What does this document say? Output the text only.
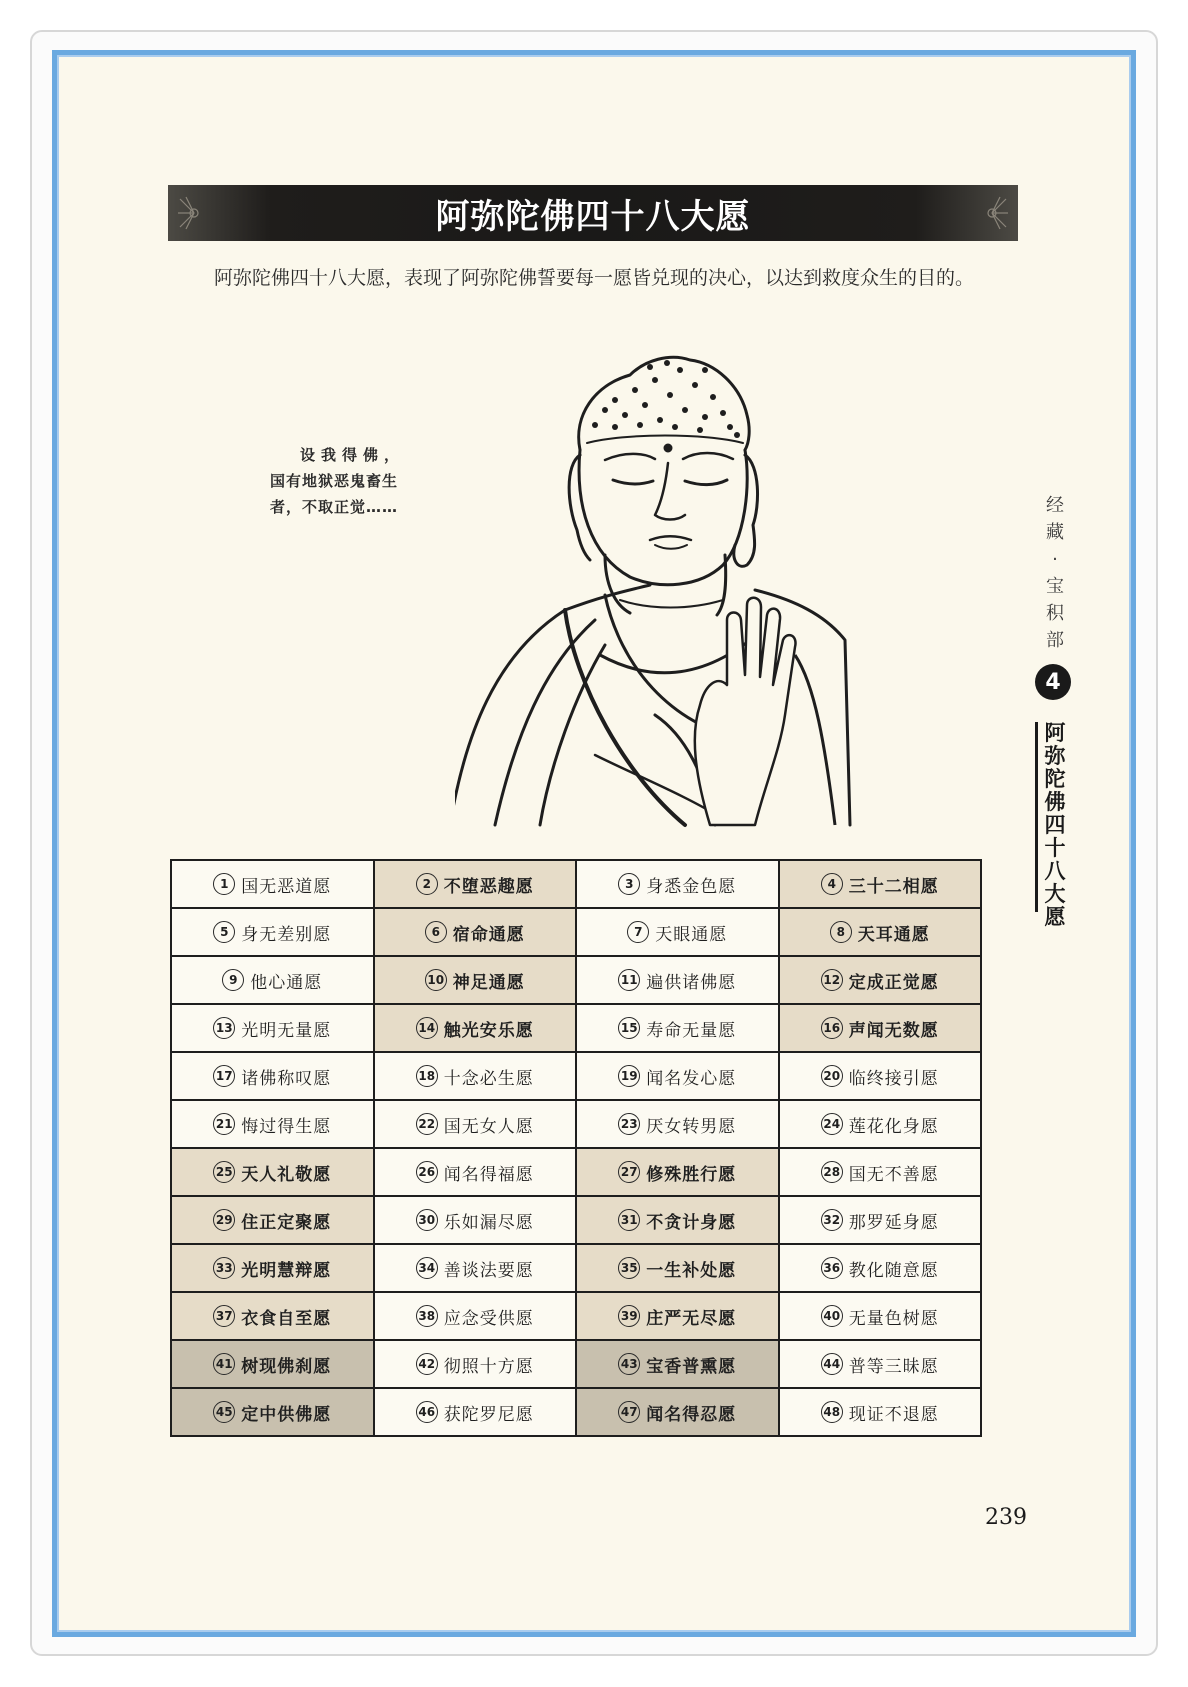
阿弥陀佛四十八大愿

阿弥陀佛四十八大愿，表现了阿弥陀佛誓要每一愿皆兑现的决心，以达到救度众生的目的。

设我得佛，
国有地狱恶鬼畜生
者，不取正觉……	经
藏
·
宝
积
部
4
阿
弥
陀
佛
四
十
八
大
愿
1 国无恶道愿	2 不堕恶趣愿	3 身悉金色愿	4 三十二相愿
5 身无差别愿	6 宿命通愿	7 天眼通愿	8 天耳通愿
9 他心通愿	10 神足通愿	11 遍供诸佛愿	12 定成正觉愿
13 光明无量愿	14 触光安乐愿	15 寿命无量愿	16 声闻无数愿
17 诸佛称叹愿	18 十念必生愿	19 闻名发心愿	20 临终接引愿
21 悔过得生愿	22 国无女人愿	23 厌女转男愿	24 莲花化身愿
25 天人礼敬愿	26 闻名得福愿	27 修殊胜行愿	28 国无不善愿
29 住正定聚愿	30 乐如漏尽愿	31 不贪计身愿	32 那罗延身愿
33 光明慧辩愿	34 善谈法要愿	35 一生补处愿	36 教化随意愿
37 衣食自至愿	38 应念受供愿	39 庄严无尽愿	40 无量色树愿
41 树现佛刹愿	42 彻照十方愿	43 宝香普熏愿	44 普等三昧愿
45 定中供佛愿	46 获陀罗尼愿	47 闻名得忍愿	48 现证不退愿
239
